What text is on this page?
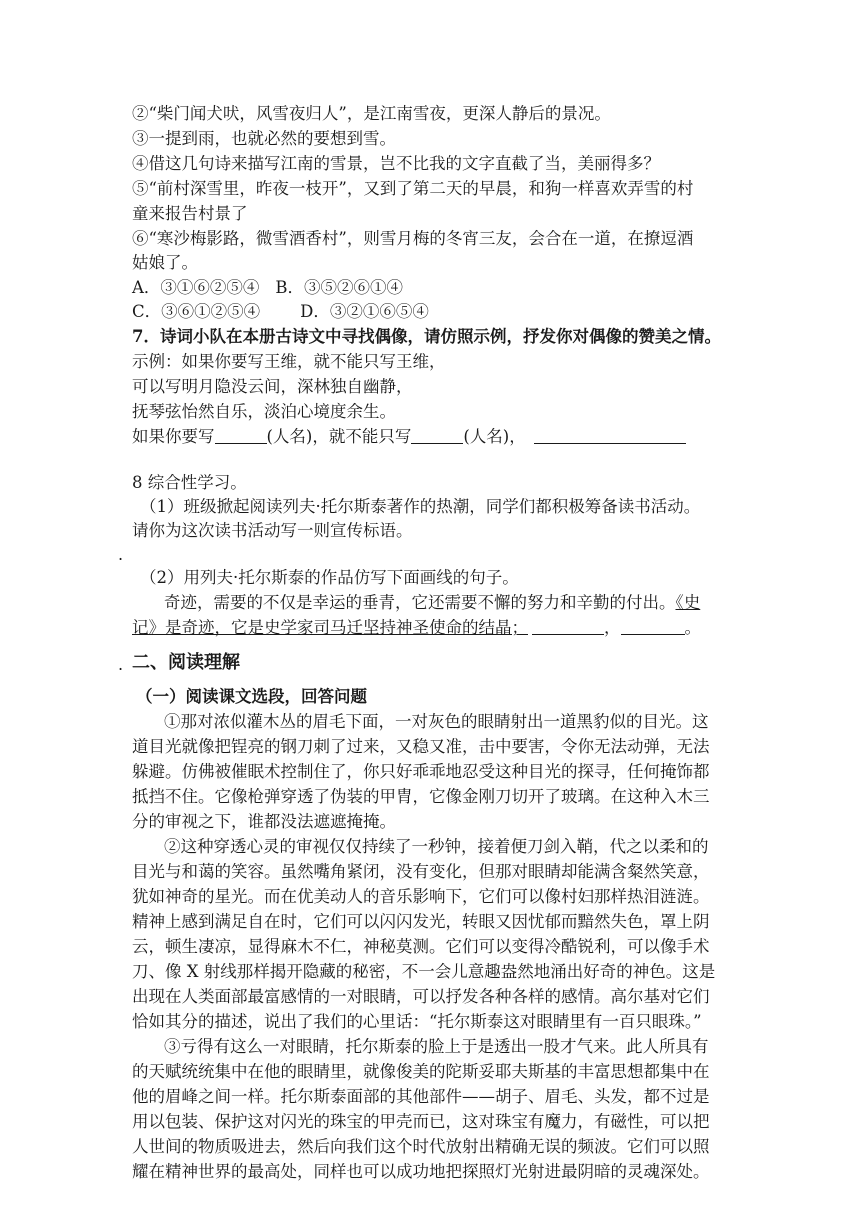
②“柴门闻犬吠，风雪夜归人”，是江南雪夜，更深人静后的景况。
③一提到雨，也就必然的要想到雪。
④借这几句诗来描写江南的雪景，岂不比我的文字直截了当，美丽得多？
⑤“前村深雪里，昨夜一枝开”，又到了第二天的早晨，和狗一样喜欢弄雪的村
童来报告村景了
⑥“寒沙梅影路，微雪酒香村”，则雪月梅的冬宵三友，会合在一道，在撩逗酒
姑娘了。
A．③①⑥②⑤④ B．③⑤②⑥①④
C．③⑥①②⑤④ D．③②①⑥⑤④
7．诗词小队在本册古诗文中寻找偶像，请仿照示例，抒发你对偶像的赞美之情。
示例：如果你要写王维，就不能只写王维，
可以写明月隐没云间，深林独自幽静，
抚琴弦怡然自乐，淡泊心境度余生。
如果你要写	(人名)，就不能只写	(人名)，
8 综合性学习。
（1）班级掀起阅读列夫·托尔斯泰著作的热潮，同学们都积极筹备读书活动。
请你为这次读书活动写一则宣传标语。
.
（2）用列夫·托尔斯泰的作品仿写下面画线的句子。
奇迹，需要的不仅是幸运的垂青，它还需要不懈的努力和辛勤的付出。《史
记》是奇迹，它是史学家司马迁坚持神圣使命的结晶；	，	。
. 二、阅读理解
（一）阅读课文选段，回答问题
①那对浓似灌木丛的眉毛下面，一对灰色的眼睛射出一道黑豹似的目光。这
道目光就像把锃亮的钢刀刺了过来，又稳又准，击中要害，令你无法动弹，无法
躲避。仿佛被催眠术控制住了，你只好乖乖地忍受这种目光的探寻，任何掩饰都
抵挡不住。它像枪弹穿透了伪装的甲胄，它像金刚刀切开了玻璃。在这种入木三
分的审视之下，谁都没法遮遮掩掩。
②这种穿透心灵的审视仅仅持续了一秒钟，接着便刀剑入鞘，代之以柔和的
目光与和蔼的笑容。虽然嘴角紧闭，没有变化，但那对眼睛却能满含粲然笑意，
犹如神奇的星光。而在优美动人的音乐影响下，它们可以像村妇那样热泪涟涟。
精神上感到满足自在时，它们可以闪闪发光，转眼又因忧郁而黯然失色，罩上阴
云，顿生凄凉，显得麻木不仁，神秘莫测。它们可以变得冷酷锐利，可以像手术
刀、像 X 射线那样揭开隐藏的秘密，不一会儿意趣盎然地涌出好奇的神色。这是
出现在人类面部最富感情的一对眼睛，可以抒发各种各样的感情。高尔基对它们
恰如其分的描述，说出了我们的心里话：“托尔斯泰这对眼睛里有一百只眼珠。”
③亏得有这么一对眼睛，托尔斯泰的脸上于是透出一股才气来。此人所具有
的天赋统统集中在他的眼睛里，就像俊美的陀斯妥耶夫斯基的丰富思想都集中在
他的眉峰之间一样。托尔斯泰面部的其他部件——胡子、眉毛、头发，都不过是
用以包装、保护这对闪光的珠宝的甲壳而已，这对珠宝有魔力，有磁性，可以把
人世间的物质吸进去，然后向我们这个时代放射出精确无误的频波。它们可以照
耀在精神世界的最高处，同样也可以成功地把探照灯光射进最阴暗的灵魂深处。
